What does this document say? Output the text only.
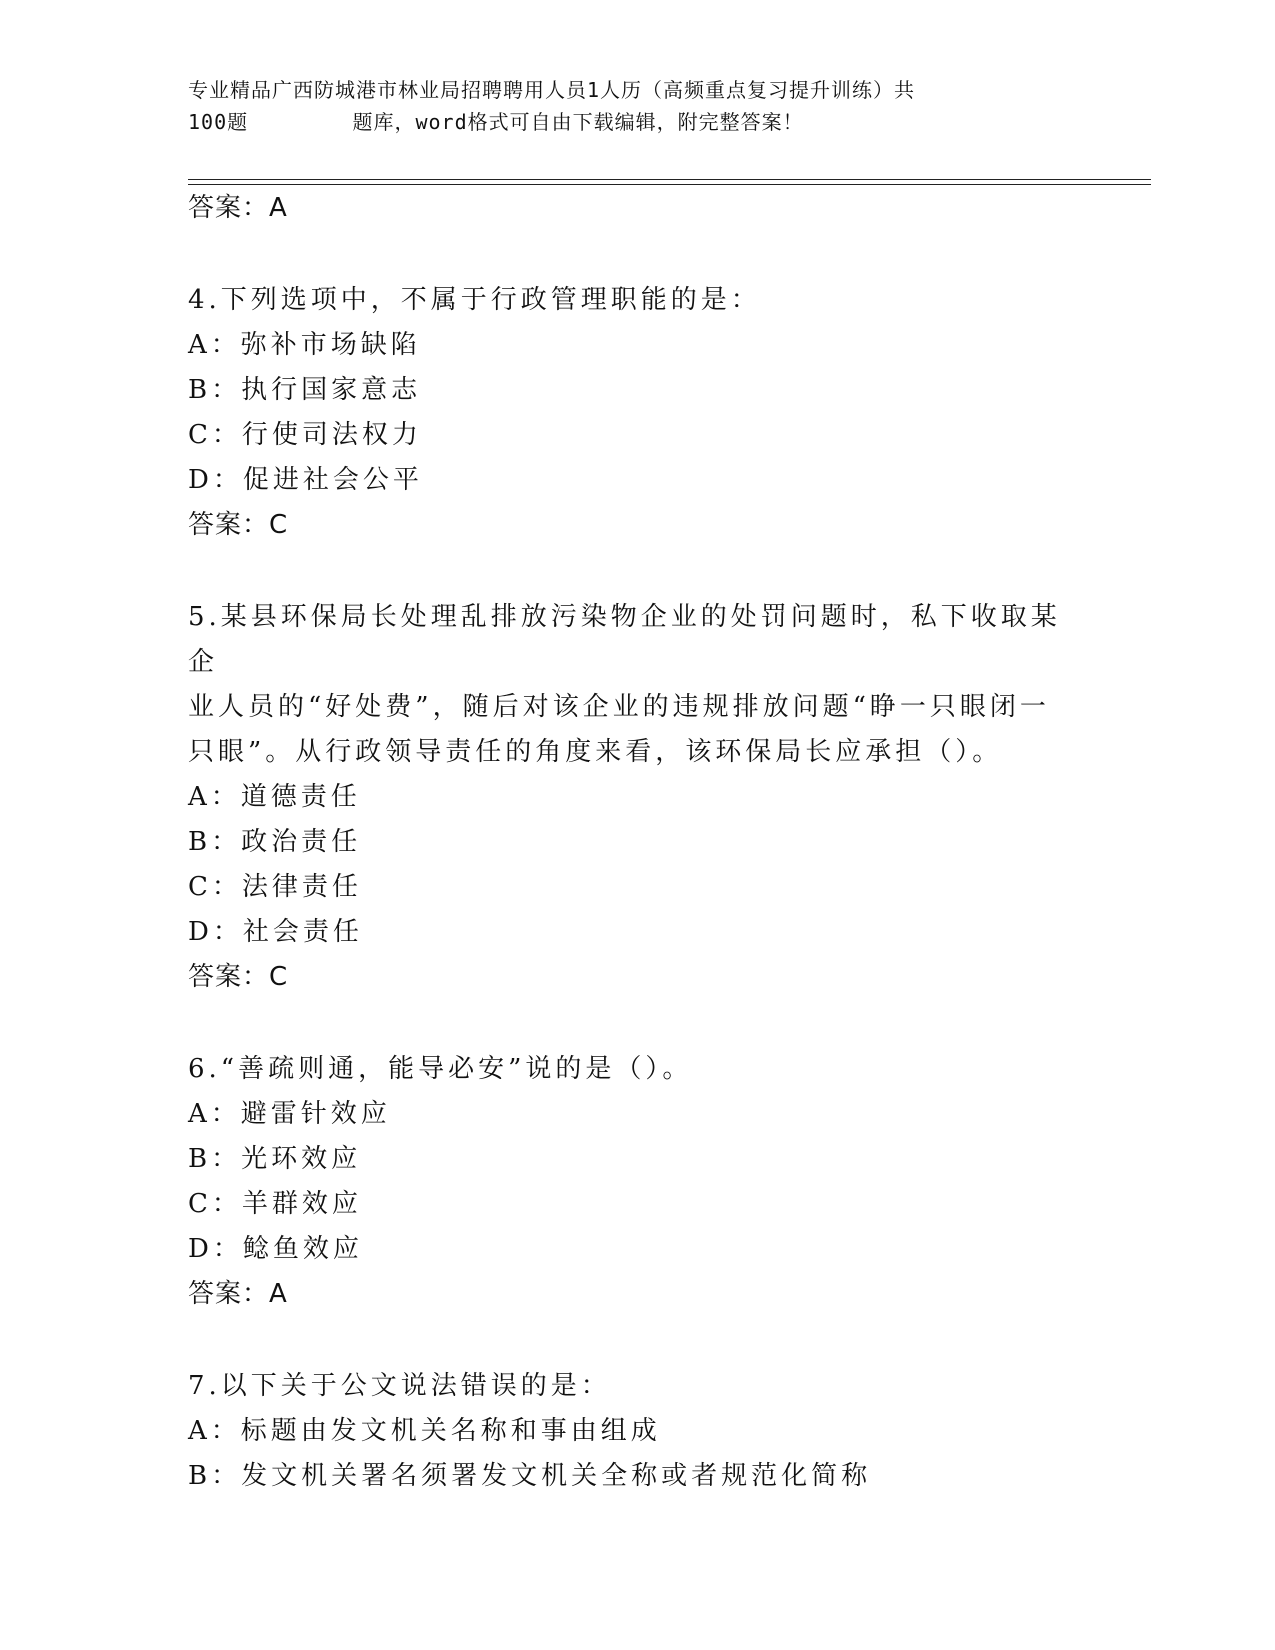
专业精品广西防城港市林业局招聘聘用人员1人历（高频重点复习提升训练）共
100题        题库，word格式可自由下载编辑，附完整答案！
答案：A
4.下列选项中，不属于行政管理职能的是：
A：弥补市场缺陷
B：执行国家意志
C：行使司法权力
D：促进社会公平
答案：C
5.某县环保局长处理乱排放污染物企业的处罚问题时，私下收取某企
业人员的“好处费”，随后对该企业的违规排放问题“睁一只眼闭一
只眼”。从行政领导责任的角度来看，该环保局长应承担（）。
A：道德责任
B：政治责任
C：法律责任
D：社会责任
答案：C
6.“善疏则通，能导必安”说的是（）。
A：避雷针效应
B：光环效应
C：羊群效应
D：鲶鱼效应
答案：A
7.以下关于公文说法错误的是：
A：标题由发文机关名称和事由组成
B：发文机关署名须署发文机关全称或者规范化简称
